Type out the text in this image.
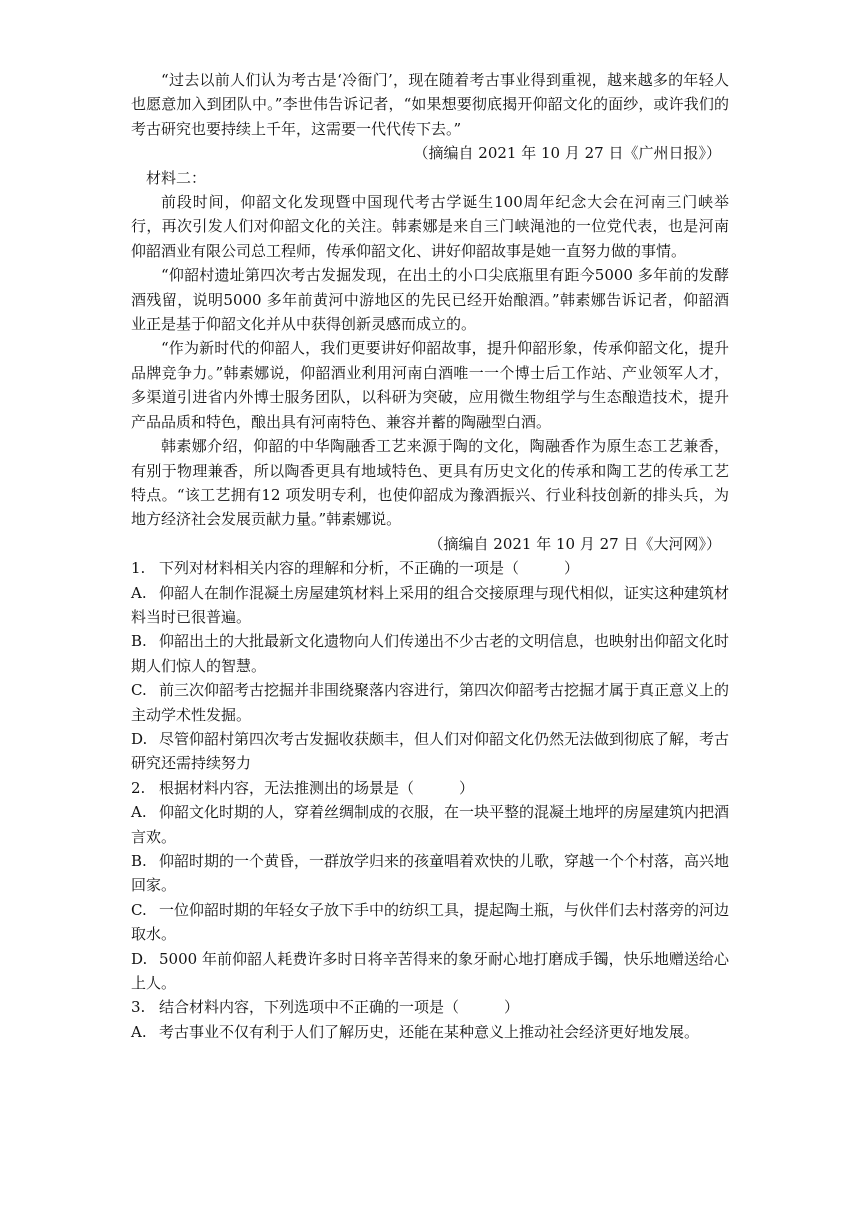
“过去以前人们认为考古是‘冷衙门’，现在随着考古事业得到重视，越来越多的年轻人也愿意加入到团队中。”李世伟告诉记者，“如果想要彻底揭开仰韶文化的面纱，或许我们的考古研究也要持续上千年，这需要一代代传下去。”

（摘编自 2021 年 10 月 27 日《广州日报》）

材料二：

前段时间，仰韶文化发现暨中国现代考古学诞生100周年纪念大会在河南三门峡举行，再次引发人们对仰韶文化的关注。韩素娜是来自三门峡渑池的一位党代表，也是河南仰韶酒业有限公司总工程师，传承仰韶文化、讲好仰韶故事是她一直努力做的事情。

“仰韶村遗址第四次考古发掘发现，在出土的小口尖底瓶里有距今5000 多年前的发酵酒残留，说明5000 多年前黄河中游地区的先民已经开始酿酒。”韩素娜告诉记者，仰韶酒业正是基于仰韶文化并从中获得创新灵感而成立的。

“作为新时代的仰韶人，我们更要讲好仰韶故事，提升仰韶形象，传承仰韶文化，提升品牌竞争力。”韩素娜说，仰韶酒业利用河南白酒唯一一个博士后工作站、产业领军人才，多渠道引进省内外博士服务团队，以科研为突破，应用微生物组学与生态酿造技术，提升产品品质和特色，酿出具有河南特色、兼容并蓄的陶融型白酒。

韩素娜介绍，仰韶的中华陶融香工艺来源于陶的文化，陶融香作为原生态工艺兼香，有别于物理兼香，所以陶香更具有地域特色、更具有历史文化的传承和陶工艺的传承工艺特点。“该工艺拥有12 项发明专利，也使仰韶成为豫酒振兴、行业科技创新的排头兵，为地方经济社会发展贡献力量。”韩素娜说。

（摘编自 2021 年 10 月 27 日《大河网》）

1. 下列对材料相关内容的理解和分析，不正确的一项是（　　　）

A. 仰韶人在制作混凝土房屋建筑材料上采用的组合交接原理与现代相似，证实这种建筑材料当时已很普遍。

B. 仰韶出土的大批最新文化遗物向人们传递出不少古老的文明信息，也映射出仰韶文化时期人们惊人的智慧。

C. 前三次仰韶考古挖掘并非围绕聚落内容进行，第四次仰韶考古挖掘才属于真正意义上的主动学术性发掘。

D. 尽管仰韶村第四次考古发掘收获颇丰，但人们对仰韶文化仍然无法做到彻底了解，考古研究还需持续努力

2. 根据材料内容，无法推测出的场景是（　　　）

A. 仰韶文化时期的人，穿着丝绸制成的衣服，在一块平整的混凝土地坪的房屋建筑内把酒言欢。

B. 仰韶时期的一个黄昏，一群放学归来的孩童唱着欢快的儿歌，穿越一个个村落，高兴地回家。

C. 一位仰韶时期的年轻女子放下手中的纺织工具，提起陶土瓶，与伙伴们去村落旁的河边取水。

D. 5000 年前仰韶人耗费许多时日将辛苦得来的象牙耐心地打磨成手镯，快乐地赠送给心上人。

3. 结合材料内容，下列选项中不正确的一项是（　　　）

A. 考古事业不仅有利于人们了解历史，还能在某种意义上推动社会经济更好地发展。
